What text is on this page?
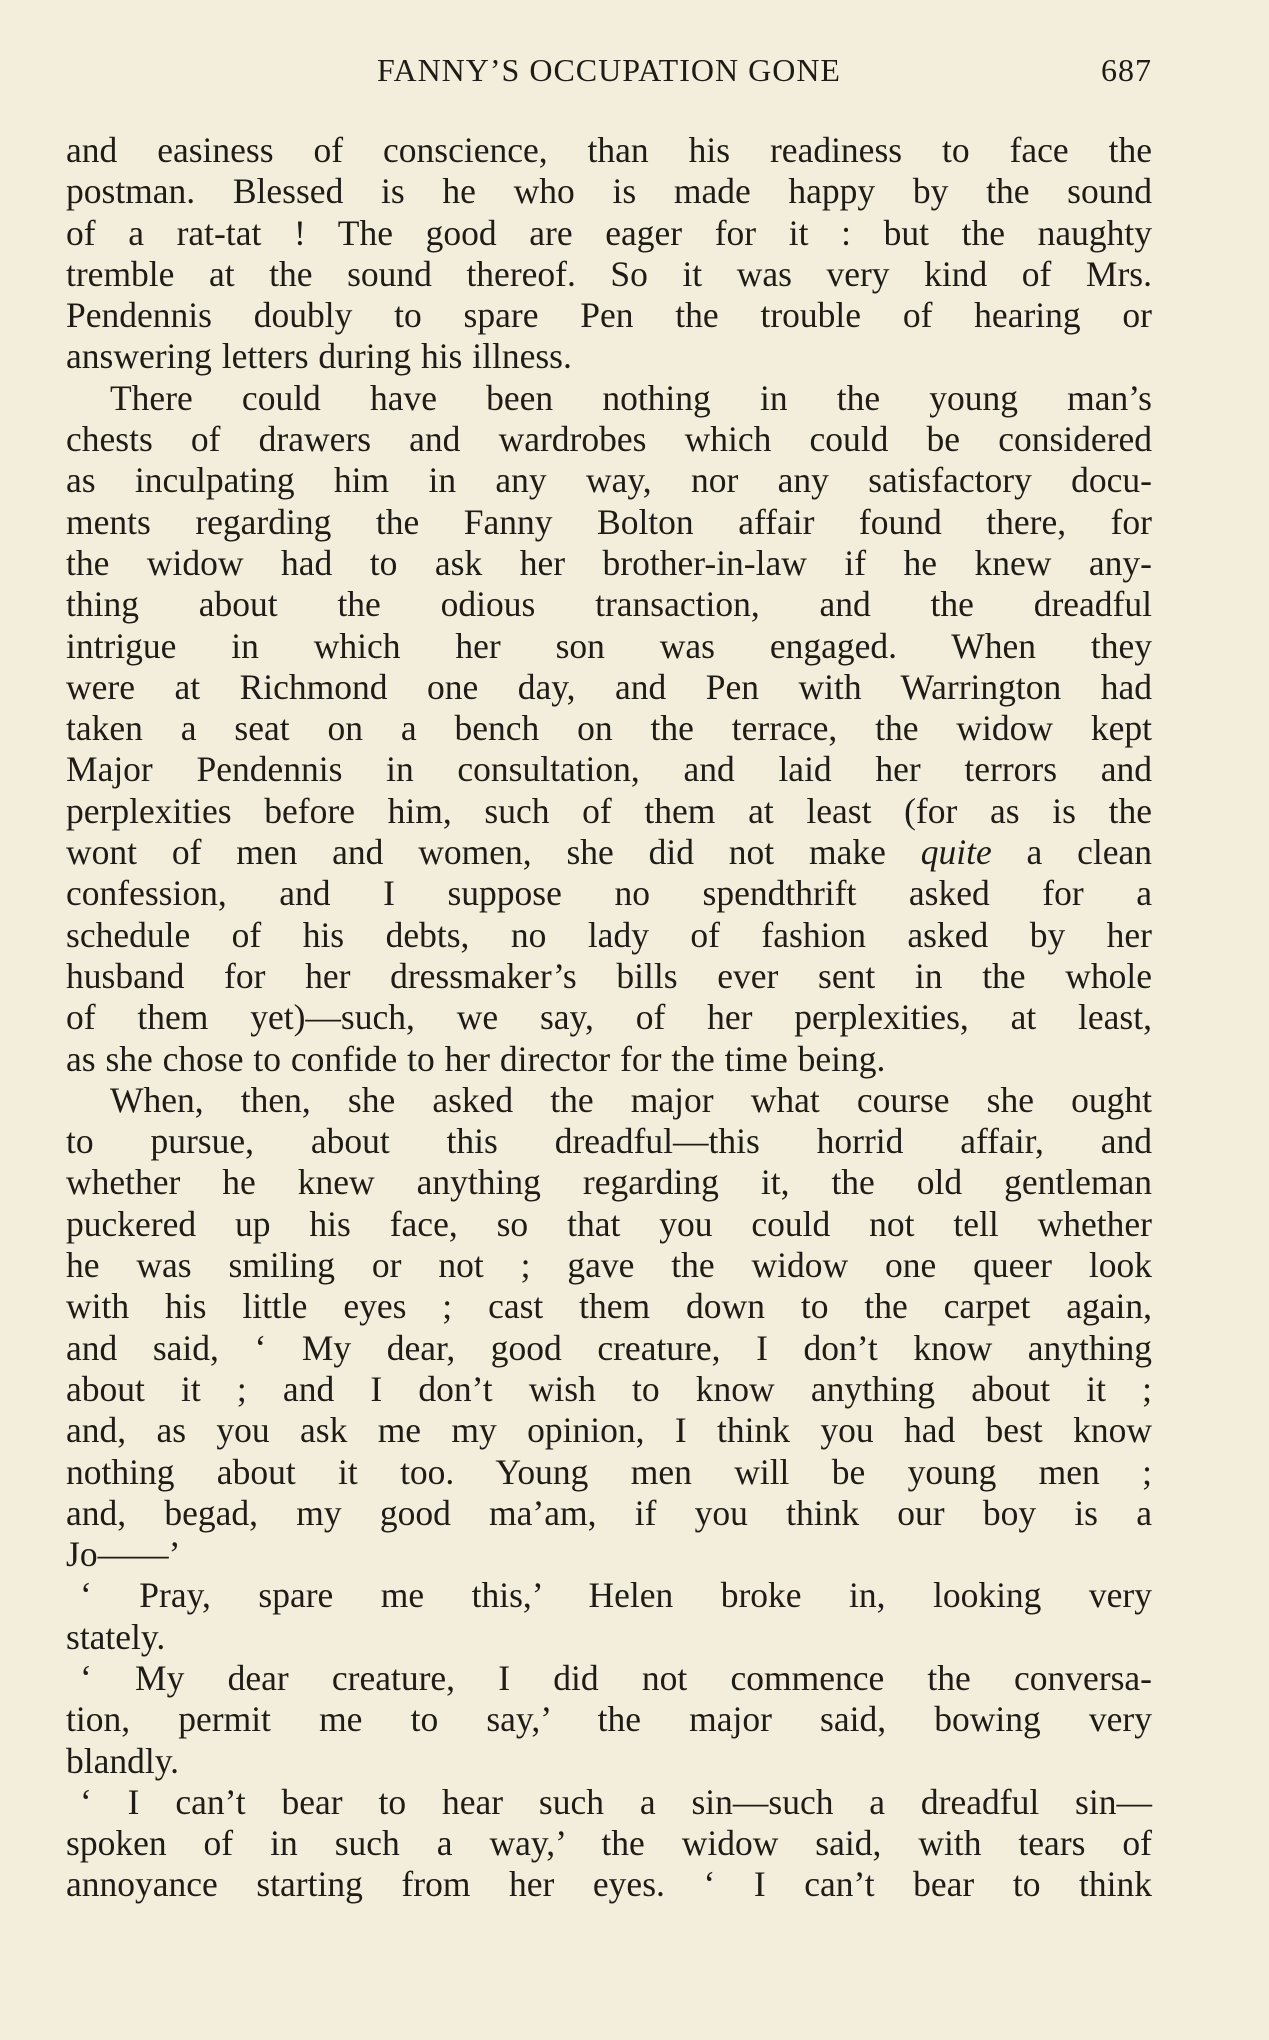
FANNY’S OCCUPATION GONE	687
and easiness of conscience, than his readiness to face the
postman. Blessed is he who is made happy by the sound
of a rat-tat ! The good are eager for it : but the naughty
tremble at the sound thereof. So it was very kind of Mrs.
Pendennis doubly to spare Pen the trouble of hearing or
answering letters during his illness.
There could have been nothing in the young man’s
chests of drawers and wardrobes which could be considered
as inculpating him in any way, nor any satisfactory docu-
ments regarding the Fanny Bolton affair found there, for
the widow had to ask her brother-in-law if he knew any-
thing about the odious transaction, and the dreadful
intrigue in which her son was engaged. When they
were at Richmond one day, and Pen with Warrington had
taken a seat on a bench on the terrace, the widow kept
Major Pendennis in consultation, and laid her terrors and
perplexities before him, such of them at least (for as is the
wont of men and women, she did not make quite a clean
confession, and I suppose no spendthrift asked for a
schedule of his debts, no lady of fashion asked by her
husband for her dressmaker’s bills ever sent in the whole
of them yet)—such, we say, of her perplexities, at least,
as she chose to confide to her director for the time being.
When, then, she asked the major what course she ought
to pursue, about this dreadful—this horrid affair, and
whether he knew anything regarding it, the old gentleman
puckered up his face, so that you could not tell whether
he was smiling or not ; gave the widow one queer look
with his little eyes ; cast them down to the carpet again,
and said, ‘ My dear, good creature, I don’t know anything
about it ; and I don’t wish to know anything about it ;
and, as you ask me my opinion, I think you had best know
nothing about it too. Young men will be young men ;
and, begad, my good ma’am, if you think our boy is a
Jo——’
‘ Pray, spare me this,’ Helen broke in, looking very
stately.
‘ My dear creature, I did not commence the conversa-
tion, permit me to say,’ the major said, bowing very
blandly.
‘ I can’t bear to hear such a sin—such a dreadful sin—
spoken of in such a way,’ the widow said, with tears of
annoyance starting from her eyes. ‘ I can’t bear to think
